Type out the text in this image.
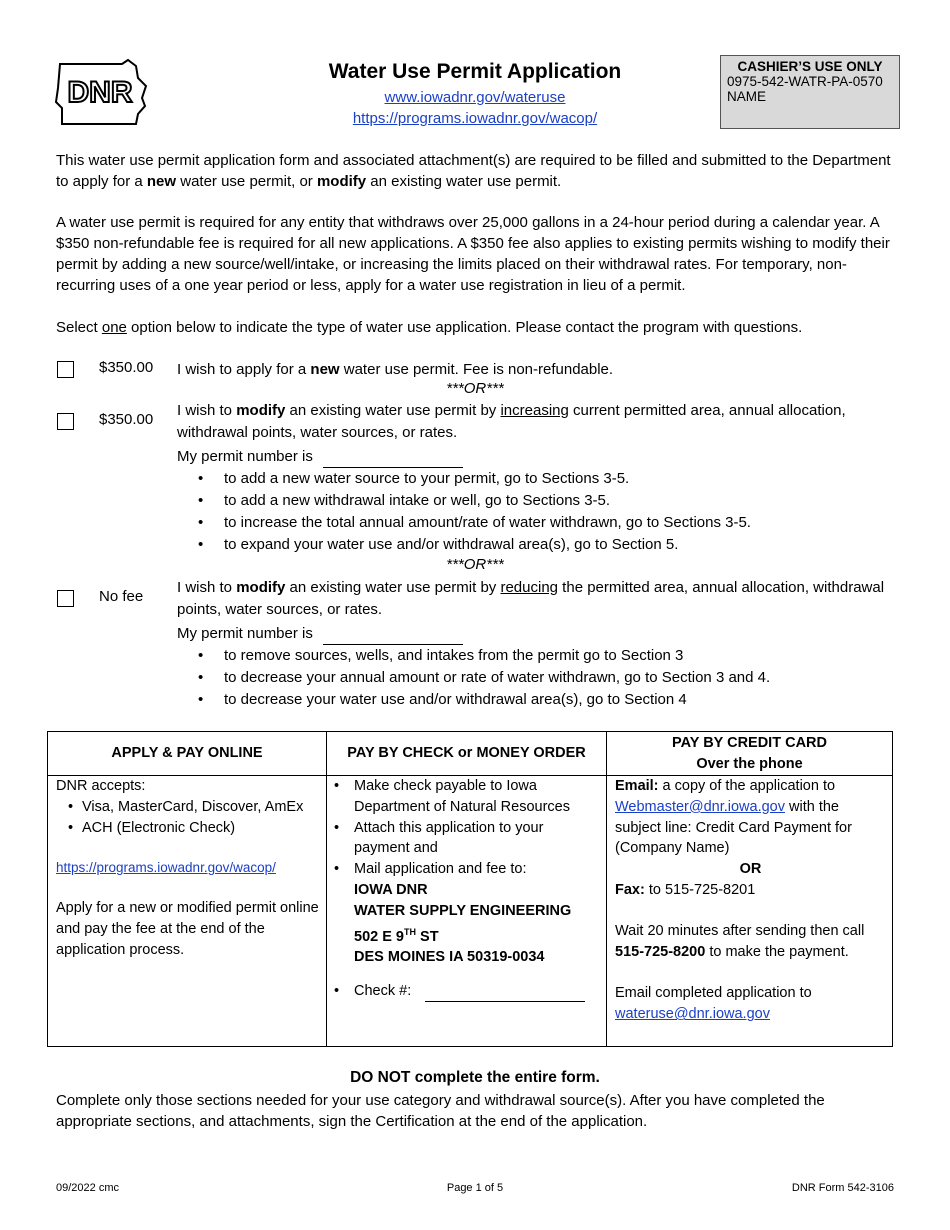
DNR
Water Use Permit Application
www.iowadnr.gov/wateruse
https://programs.iowadnr.gov/wacop/
CASHIER’S USE ONLY
0975-542-WATR-PA-0570
NAME
This water use permit application form and associated attachment(s) are required to be filled and submitted to the Department to apply for a new water use permit, or modify an existing water use permit.
A water use permit is required for any entity that withdraws over 25,000 gallons in a 24-hour period during a calendar year. A $350 non-refundable fee is required for all new applications. A $350 fee also applies to existing permits wishing to modify their permit by adding a new source/well/intake, or increasing the limits placed on their withdrawal rates. For temporary, non-recurring uses of a one year period or less, apply for a water use registration in lieu of a permit.
Select one option below to indicate the type of water use application. Please contact the program with questions.
$350.00 I wish to apply for a new water use permit. Fee is non-refundable.
***OR***
$350.00
I wish to modify an existing water use permit by increasing current permitted area, annual allocation, withdrawal points, water sources, or rates.
My permit number is
• to add a new water source to your permit, go to Sections 3-5.
• to add a new withdrawal intake or well, go to Sections 3-5.
• to increase the total annual amount/rate of water withdrawn, go to Sections 3-5.
• to expand your water use and/or withdrawal area(s), go to Section 5.
***OR***
No fee
I wish to modify an existing water use permit by reducing the permitted area, annual allocation, withdrawal points, water sources, or rates.
My permit number is
• to remove sources, wells, and intakes from the permit go to Section 3
• to decrease your annual amount or rate of water withdrawn, go to Section 3 and 4.
• to decrease your water use and/or withdrawal area(s), go to Section 4
APPLY & PAY ONLINE
DNR accepts:
• Visa, MasterCard, Discover, AmEx
• ACH (Electronic Check)
https://programs.iowadnr.gov/wacop/
Apply for a new or modified permit online and pay the fee at the end of the application process.
PAY BY CHECK or MONEY ORDER
• Make check payable to Iowa Department of Natural Resources
• Attach this application to your payment and
• Mail application and fee to:
IOWA DNR
WATER SUPPLY ENGINEERING
502 E 9TH ST
DES MOINES IA 50319-0034
• Check #:
PAY BY CREDIT CARD
Over the phone
Email: a copy of the application to Webmaster@dnr.iowa.gov with the subject line: Credit Card Payment for (Company Name)
OR
Fax: to 515-725-8201
Wait 20 minutes after sending then call 515-725-8200 to make the payment.
Email completed application to
wateruse@dnr.iowa.gov
DO NOT complete the entire form.
Complete only those sections needed for your use category and withdrawal source(s). After you have completed the appropriate sections, and attachments, sign the Certification at the end of the application.
09/2022 cmc	Page 1 of 5	DNR Form 542-3106
